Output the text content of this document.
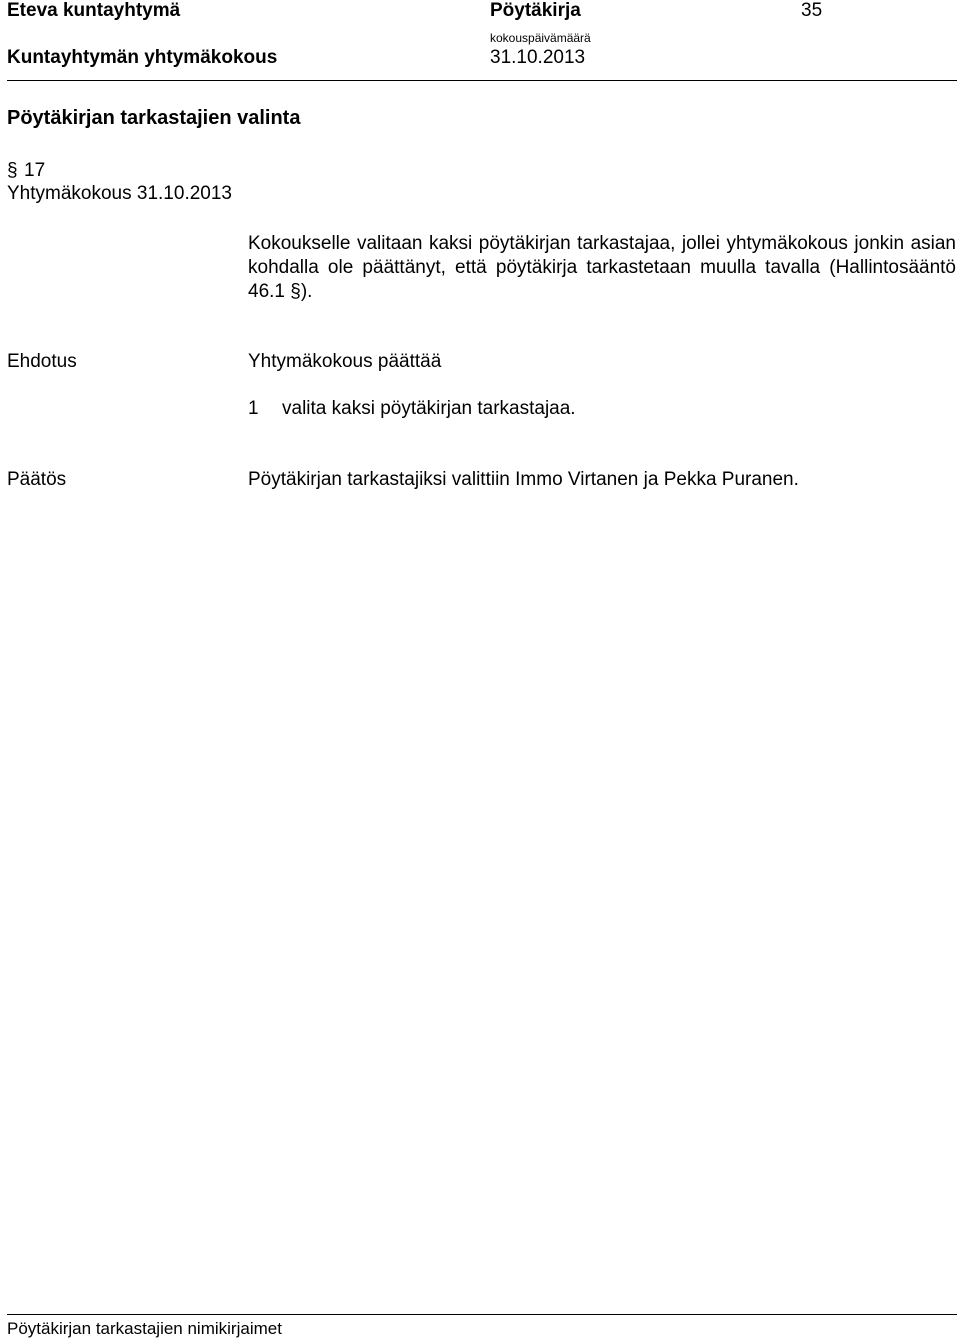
Eteva kuntayhtymä	Pöytäkirja	35
Kuntayhtymän yhtymäkokous
kokouspäivämäärä
31.10.2013
Pöytäkirjan tarkastajien valinta
§ 17
Yhtymäkokous 31.10.2013
Kokoukselle valitaan kaksi pöytäkirjan tarkastajaa, jollei yhtymäkokous jonkin asian kohdalla ole päättänyt, että pöytäkirja tarkastetaan muulla tavalla (Hallintosääntö 46.1 §).
Ehdotus	Yhtymäkokous päättää
1 valita kaksi pöytäkirjan tarkastajaa.
Päätös	Pöytäkirjan tarkastajiksi valittiin Immo Virtanen ja Pekka Puranen.
Pöytäkirjan tarkastajien nimikirjaimet
